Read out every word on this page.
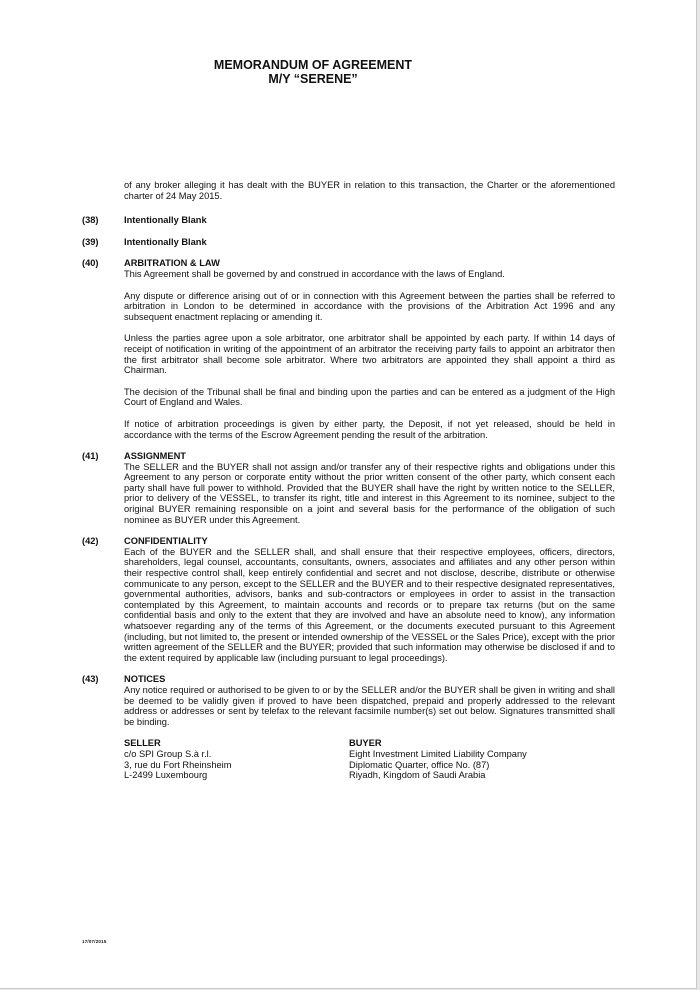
MEMORANDUM OF AGREEMENT
M/Y “SERENE”

of any broker alleging it has dealt with the BUYER in relation to this transaction, the Charter or the aforementioned charter of 24 May 2015.

(38)	Intentionally Blank
(39)	Intentionally Blank
(40)	ARBITRATION & LAW

This Agreement shall be governed by and construed in accordance with the laws of England.

Any dispute or difference arising out of or in connection with this Agreement between the parties shall be referred to arbitration in London to be determined in accordance with the provisions of the Arbitration Act 1996 and any subsequent enactment replacing or amending it.

Unless the parties agree upon a sole arbitrator, one arbitrator shall be appointed by each party. If within 14 days of receipt of notification in writing of the appointment of an arbitrator the receiving party fails to appoint an arbitrator then the first arbitrator shall become sole arbitrator. Where two arbitrators are appointed they shall appoint a third as Chairman.

The decision of the Tribunal shall be final and binding upon the parties and can be entered as a judgment of the High Court of England and Wales.

If notice of arbitration proceedings is given by either party, the Deposit, if not yet released, should be held in accordance with the terms of the Escrow Agreement pending the result of the arbitration.

(41)	ASSIGNMENT

The SELLER and the BUYER shall not assign and/or transfer any of their respective rights and obligations under this Agreement to any person or corporate entity without the prior written consent of the other party, which consent each party shall have full power to withhold. Provided that the BUYER shall have the right by written notice to the SELLER, prior to delivery of the VESSEL, to transfer its right, title and interest in this Agreement to its nominee, subject to the original BUYER remaining responsible on a joint and several basis for the performance of the obligation of such nominee as BUYER under this Agreement.

(42)	CONFIDENTIALITY

Each of the BUYER and the SELLER shall, and shall ensure that their respective employees, officers, directors, shareholders, legal counsel, accountants, consultants, owners, associates and affiliates and any other person within their respective control shall, keep entirely confidential and secret and not disclose, describe, distribute or otherwise communicate to any person, except to the SELLER and the BUYER and to their respective designated representatives, governmental authorities, advisors, banks and sub-contractors or employees in order to assist in the transaction contemplated by this Agreement, to maintain accounts and records or to prepare tax returns (but on the same confidential basis and only to the extent that they are involved and have an absolute need to know), any information whatsoever regarding any of the terms of this Agreement, or the documents executed pursuant to this Agreement (including, but not limited to, the present or intended ownership of the VESSEL or the Sales Price), except with the prior written agreement of the SELLER and the BUYER; provided that such information may otherwise be disclosed if and to the extent required by applicable law (including pursuant to legal proceedings).

(43)	NOTICES

Any notice required or authorised to be given to or by the SELLER and/or the BUYER shall be given in writing and shall be deemed to be validly given if proved to have been dispatched, prepaid and properly addressed to the relevant address or addresses or sent by telefax to the relevant facsimile number(s) set out below. Signatures transmitted shall be binding.

SELLER
c/o SPI Group S.à r.l.
3, rue du Fort Rheinsheim
L-2499 Luxembourg
BUYER
Eight Investment Limited Liability Company
Diplomatic Quarter, office No. (87)
Riyadh, Kingdom of Saudi Arabia
17/07/2015
